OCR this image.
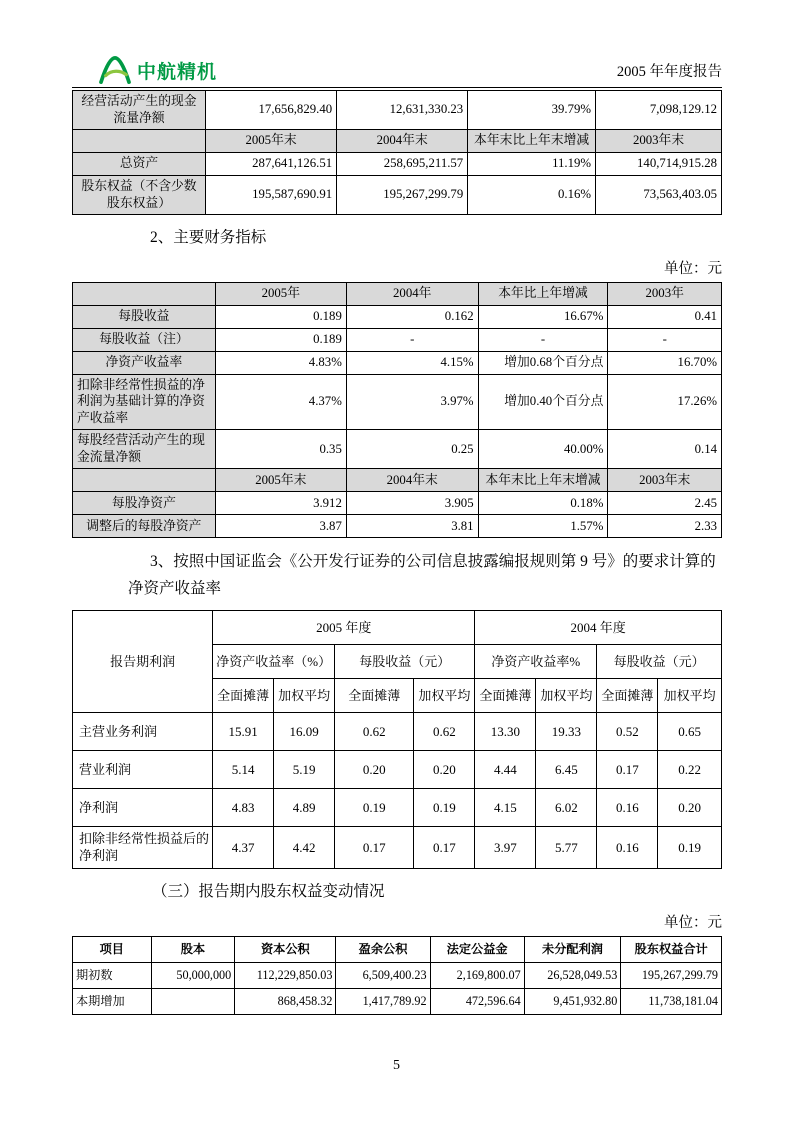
中航精机	2005 年年度报告
经营活动产生的现金流量净额	17,656,829.40	12,631,330.23	39.79%	7,098,129.12
	2005年末	2004年末	本年末比上年末增减	2003年末
总资产	287,641,126.51	258,695,211.57	11.19%	140,714,915.28
股东权益（不含少数股东权益）	195,587,690.91	195,267,299.79	0.16%	73,563,403.05

2、主要财务指标

单位：元
	2005年	2004年	本年比上年增减	2003年
每股收益	0.189	0.162	16.67%	0.41
每股收益（注）	0.189	-	-	-
净资产收益率	4.83%	4.15%	增加0.68个百分点	16.70%
扣除非经常性损益的净利润为基础计算的净资产收益率	4.37%	3.97%	增加0.40个百分点	17.26%
每股经营活动产生的现金流量净额	0.35	0.25	40.00%	0.14
	2005年末	2004年末	本年末比上年末增减	2003年末
每股净资产	3.912	3.905	0.18%	2.45
调整后的每股净资产	3.87	3.81	1.57%	2.33

3、按照中国证监会《公开发行证券的公司信息披露编报规则第 9 号》的要求计算的净资产收益率

报告期利润	2005 年度				2004 年度			
	净资产收益率（%）		每股收益（元）		净资产收益率%		每股收益（元）	
	全面摊薄	加权平均	全面摊薄	加权平均	全面摊薄	加权平均	全面摊薄	加权平均
主营业务利润	15.91	16.09	0.62	0.62	13.30	19.33	0.52	0.65
营业利润	5.14	5.19	0.20	0.20	4.44	6.45	0.17	0.22
净利润	4.83	4.89	0.19	0.19	4.15	6.02	0.16	0.20
扣除非经常性损益后的净利润	4.37	4.42	0.17	0.17	3.97	5.77	0.16	0.19

（三）报告期内股东权益变动情况

单位：元
项目	股本	资本公积	盈余公积	法定公益金	未分配利润	股东权益合计
期初数	50,000,000	112,229,850.03	6,509,400.23	2,169,800.07	26,528,049.53	195,267,299.79
本期增加		868,458.32	1,417,789.92	472,596.64	9,451,932.80	11,738,181.04
5
